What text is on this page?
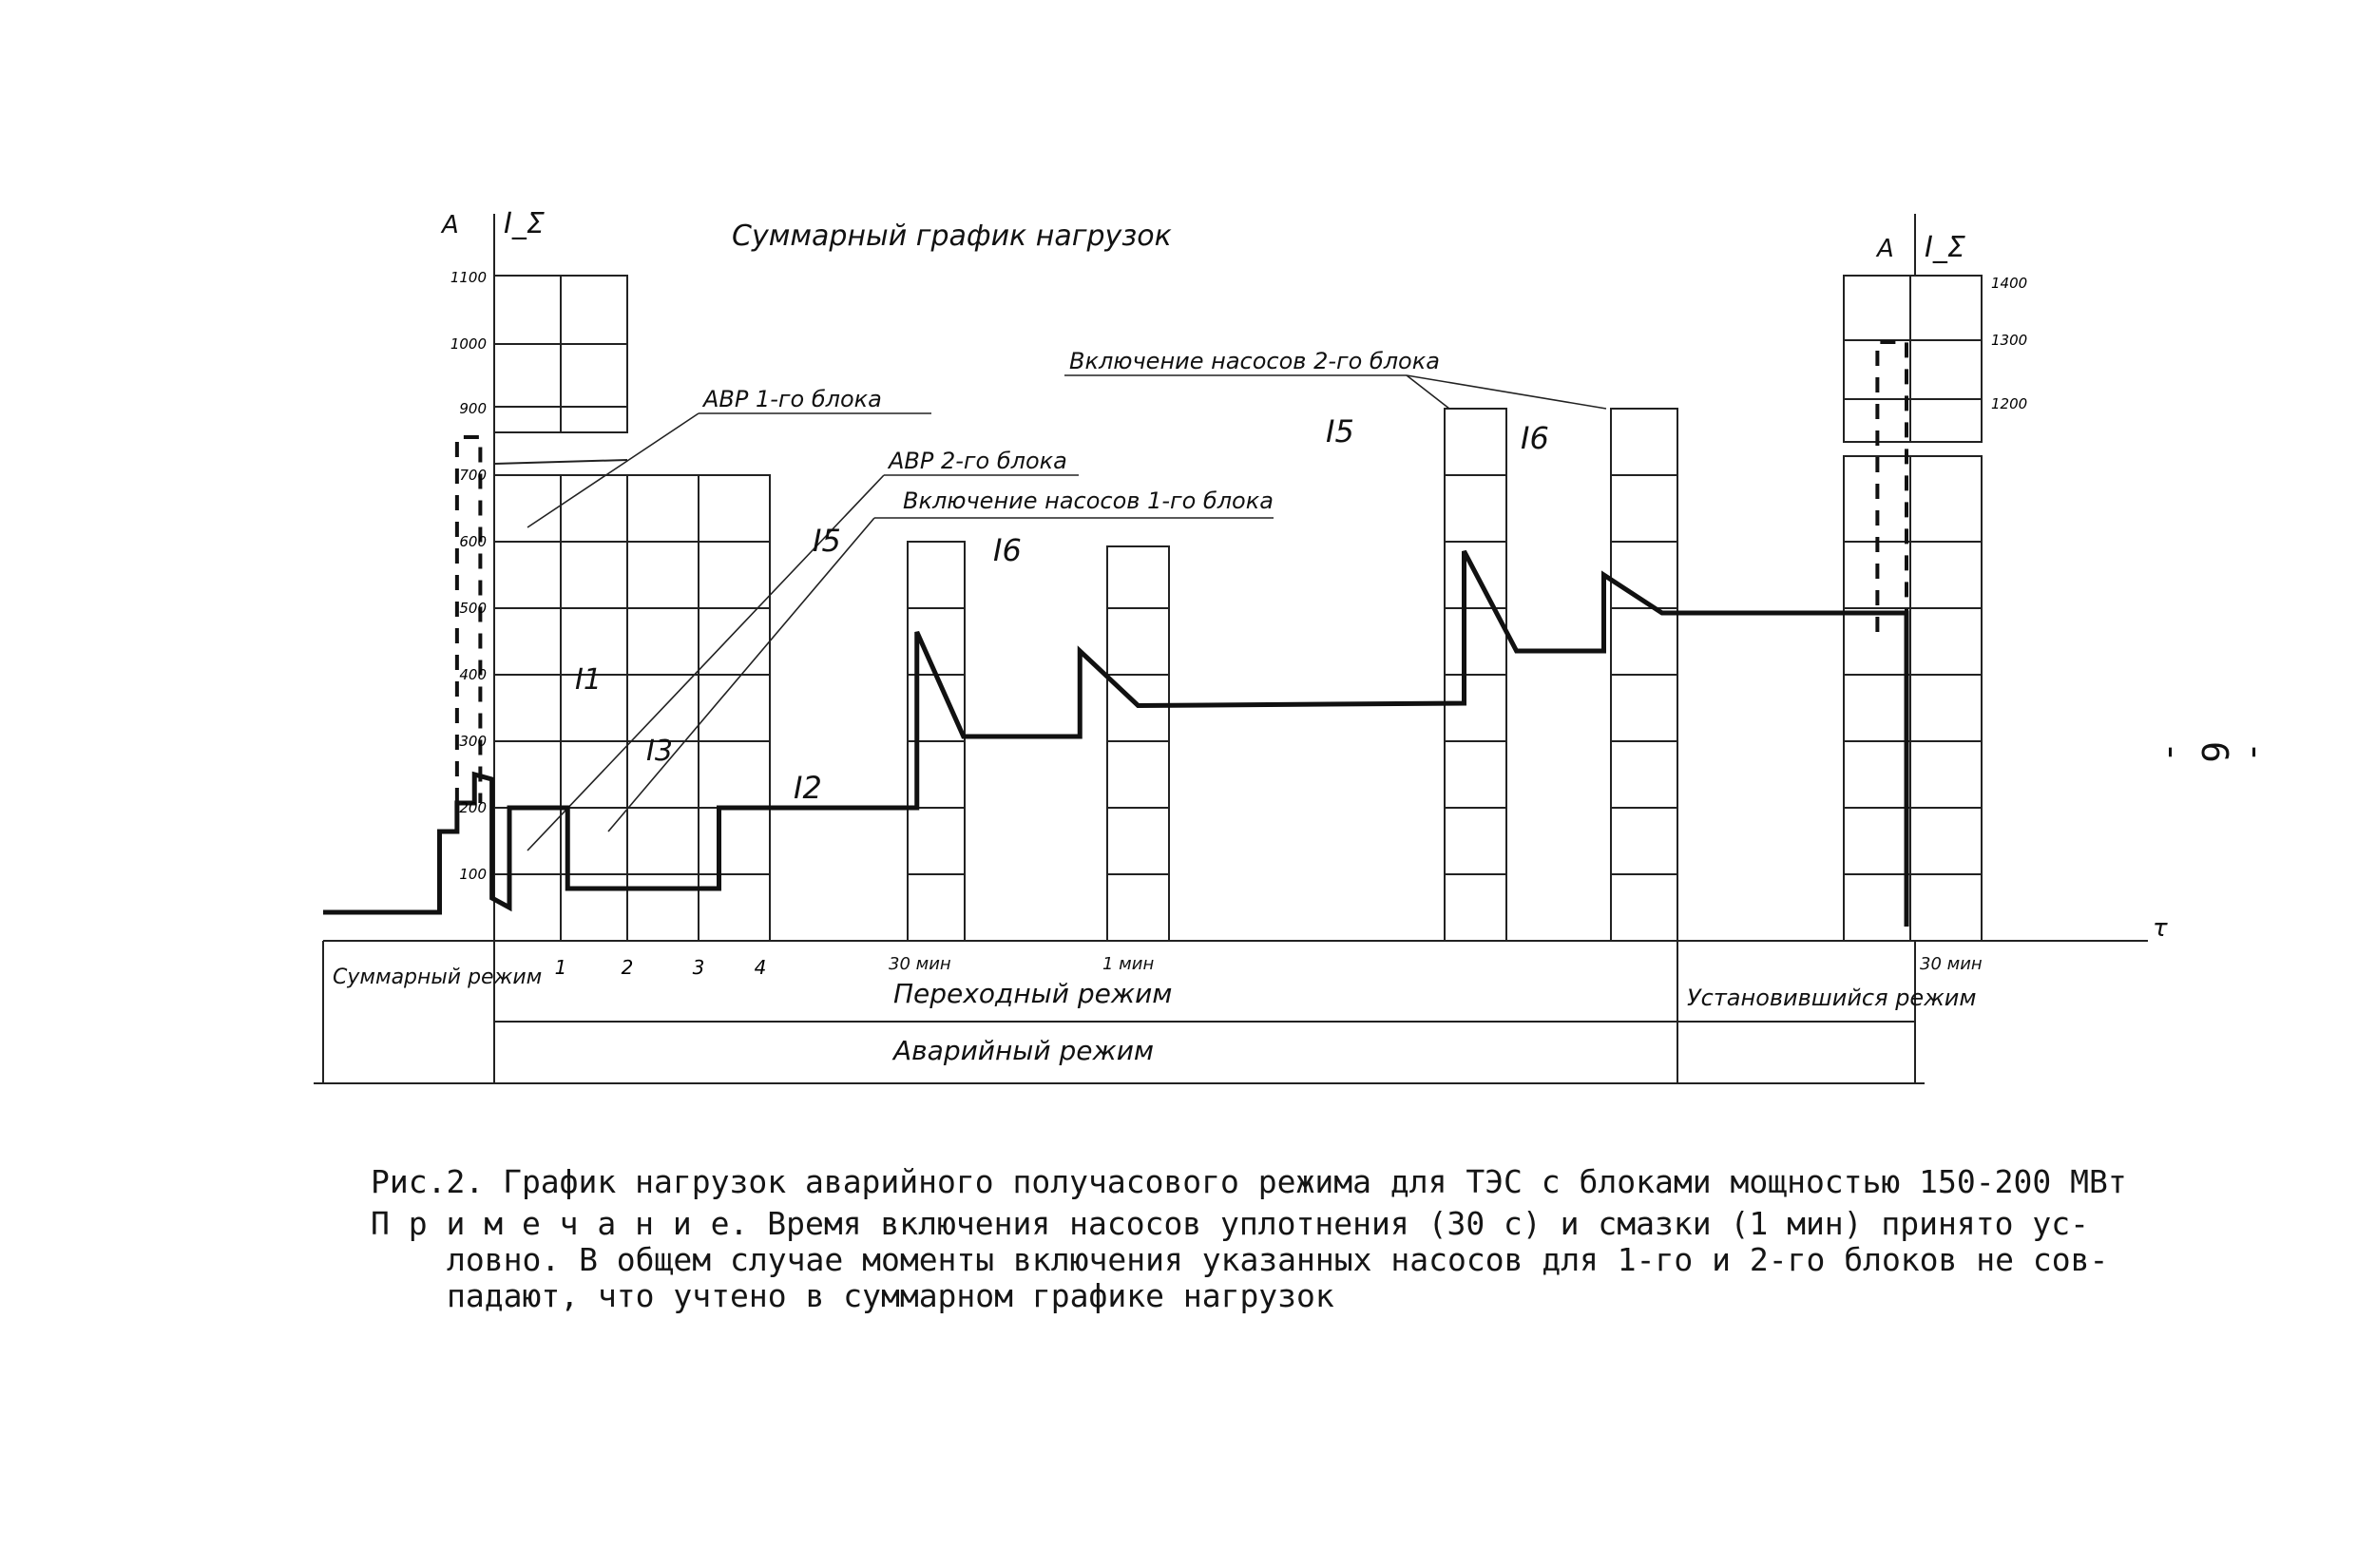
1100
1000
900
700
600
500
400
300
200
100
1400
1300
1200
1	2	3	4
A I_Σ	Суммарный график нагрузок	A I_Σ
τ
АВР 1-го блока
АВР 2-го блока
Включение насосов 1-го блока
Включение насосов 2-го блока
I1
I2
I3
I5	I6
I5	I6
30 мин	1 мин	30 мин
Суммарный режим
Переходный режим	Установившийся режим
Аварийный режим
Рис.2. График нагрузок аварийного получасового режима для ТЭС с блоками мощностью 150-200 МВт
П р и м е ч а н и е. Время включения насосов уплотнения (30 с) и смазки (1 мин) принято ус-
ловно. В общем случае моменты включения указанных насосов для 1-го и 2-го блоков не сов-
падают, что учтено в суммарном графике нагрузок
- 6 -
